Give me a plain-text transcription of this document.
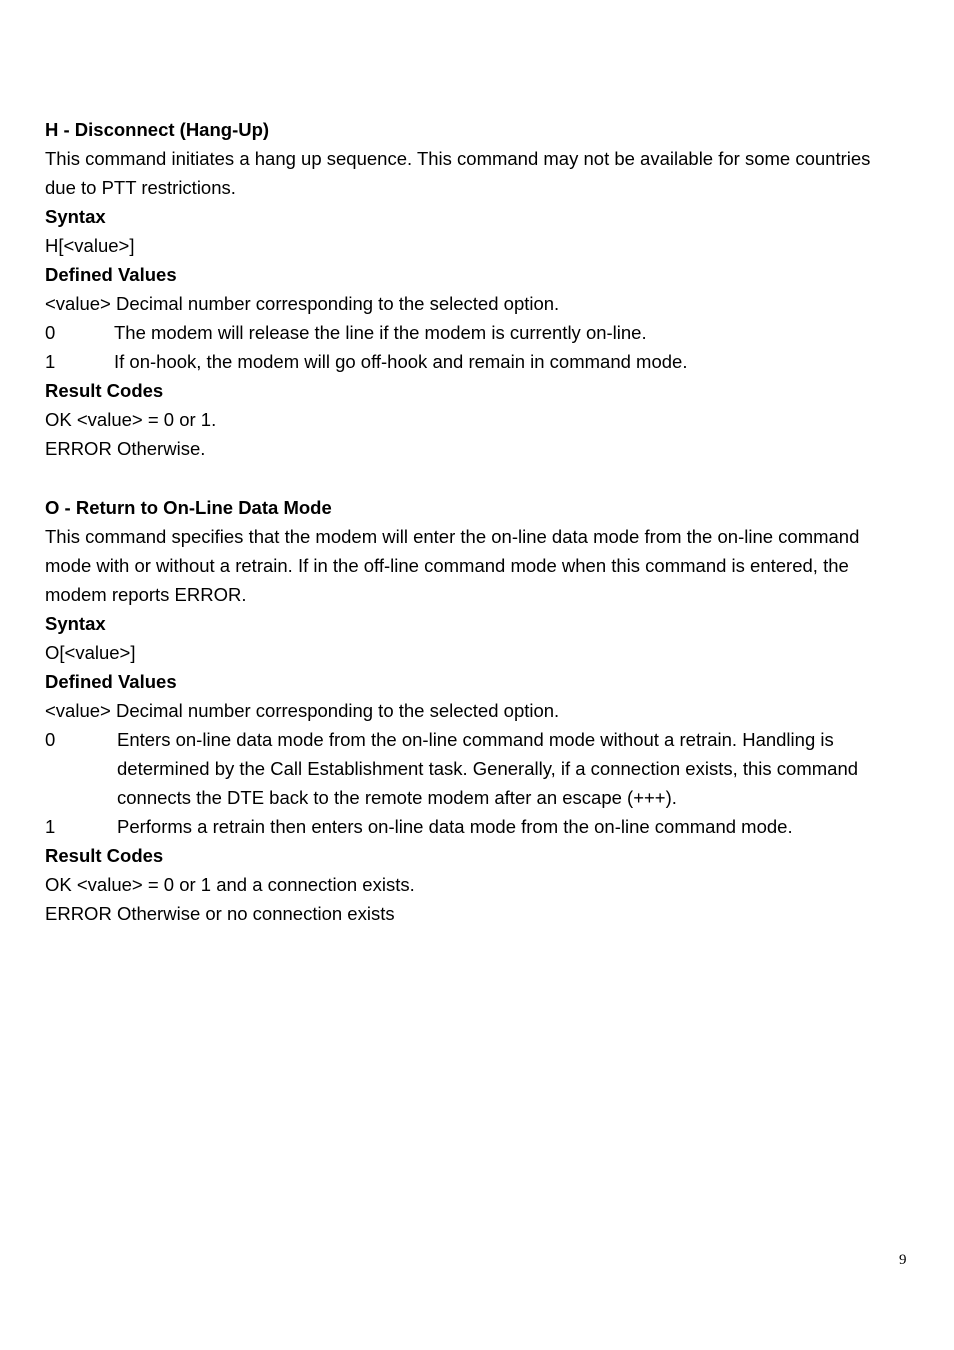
H - Disconnect (Hang-Up)
This command initiates a hang up sequence. This command may not be available for some countries
due to PTT restrictions.
Syntax
H[<value>]
Defined Values
<value> Decimal number corresponding to the selected option.
0	The modem will release the line if the modem is currently on-line.
1	If on-hook, the modem will go off-hook and remain in command mode.
Result Codes
OK <value> = 0 or 1.
ERROR Otherwise.
O - Return to On-Line Data Mode
This command specifies that the modem will enter the on-line data mode from the on-line command
mode with or without a retrain. If in the off-line command mode when this command is entered, the
modem reports ERROR.
Syntax
O[<value>]
Defined Values
<value> Decimal number corresponding to the selected option.
0	Enters on-line data mode from the on-line command mode without a retrain. Handling is
determined by the Call Establishment task. Generally, if a connection exists, this command
connects the DTE back to the remote modem after an escape (+++).
1	Performs a retrain then enters on-line data mode from the on-line command mode.
Result Codes
OK <value> = 0 or 1 and a connection exists.
ERROR Otherwise or no connection exists
9
